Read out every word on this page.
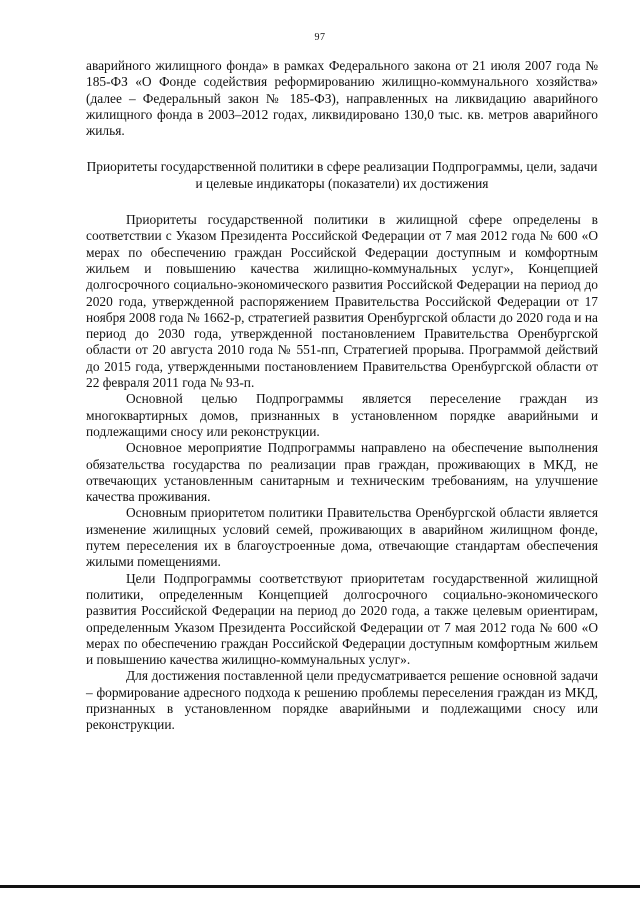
97

аварийного жилищного фонда» в рамках Федерального закона от 21 июля 2007 года № 185-ФЗ «О Фонде содействия реформированию жилищно-коммунального хозяйства» (далее – Федеральный закон № 185-ФЗ), направленных на ликвидацию аварийного жилищного фонда в 2003–2012 годах, ликвидировано 130,0 тыс. кв. метров аварийного жилья.

Приоритеты государственной политики в сфере реализации Подпрограммы, цели, задачи и целевые индикаторы (показатели) их достижения

Приоритеты государственной политики в жилищной сфере определены в соответствии с Указом Президента Российской Федерации от 7 мая 2012 года № 600 «О мерах по обеспечению граждан Российской Федерации доступным и комфортным жильем и повышению качества жилищно-коммунальных услуг», Концепцией долгосрочного социально-экономического развития Российской Федерации на период до 2020 года, утвержденной распоряжением Правительства Российской Федерации от 17 ноября 2008 года № 1662-р, стратегией развития Оренбургской области до 2020 года и на период до 2030 года, утвержденной постановлением Правительства Оренбургской области от 20 августа 2010 года № 551-пп, Стратегией прорыва. Программой действий до 2015 года, утвержденными постановлением Правительства Оренбургской области от 22 февраля 2011 года № 93-п.

Основной целью Подпрограммы является переселение граждан из многоквартирных домов, признанных в установленном порядке аварийными и подлежащими сносу или реконструкции.

Основное мероприятие Подпрограммы направлено на обеспечение выполнения обязательства государства по реализации прав граждан, проживающих в МКД, не отвечающих установленным санитарным и техническим требованиям, на улучшение качества проживания.

Основным приоритетом политики Правительства Оренбургской области является изменение жилищных условий семей, проживающих в аварийном жилищном фонде, путем переселения их в благоустроенные дома, отвечающие стандартам обеспечения жилыми помещениями.

Цели Подпрограммы соответствуют приоритетам государственной жилищной политики, определенным Концепцией долгосрочного социально-экономического развития Российской Федерации на период до 2020 года, а также целевым ориентирам, определенным Указом Президента Российской Федерации от 7 мая 2012 года № 600 «О мерах по обеспечению граждан Российской Федерации доступным комфортным жильем и повышению качества жилищно-коммунальных услуг».

Для достижения поставленной цели предусматривается решение основной задачи – формирование адресного подхода к решению проблемы переселения граждан из МКД, признанных в установленном порядке аварийными и подлежащими сносу или реконструкции.
